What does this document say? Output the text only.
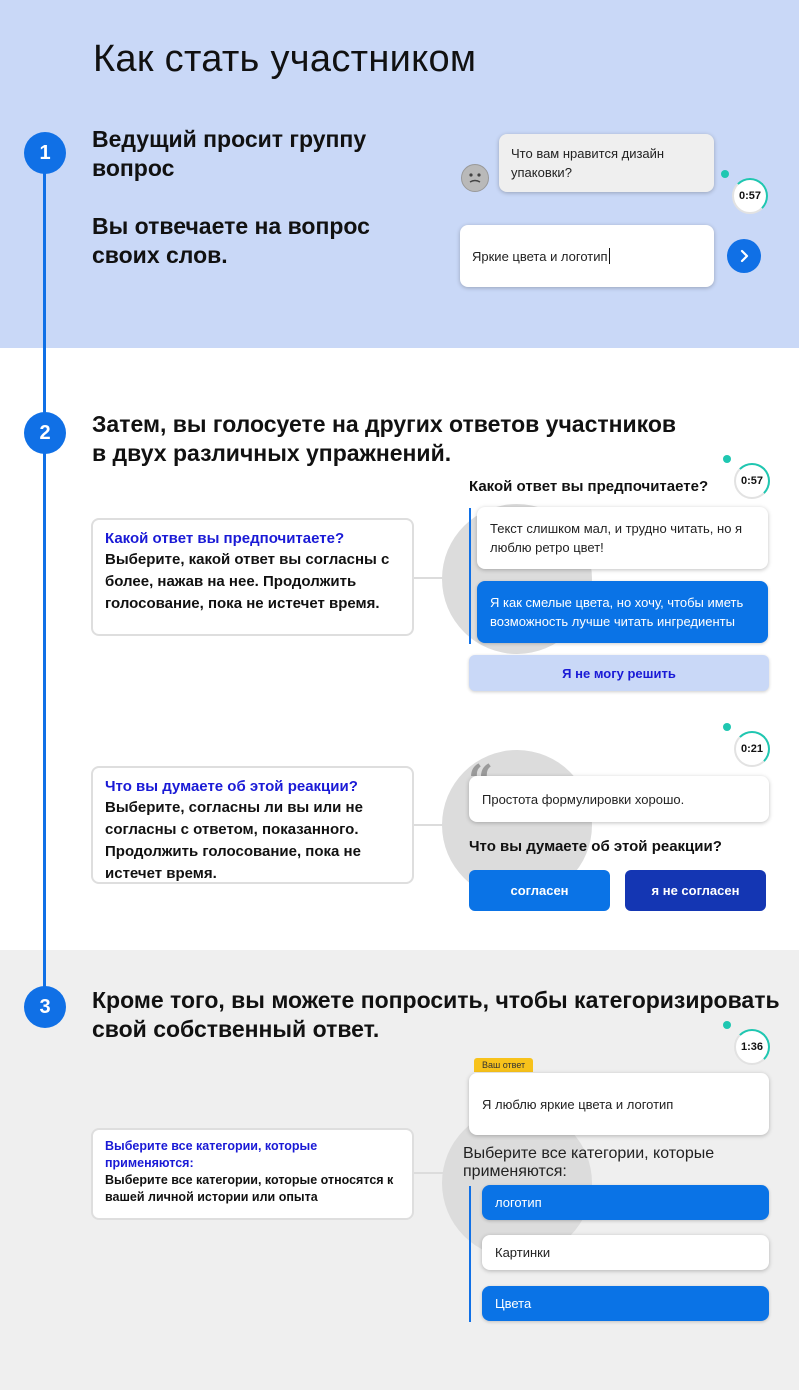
Как стать участником
1
2
3
Ведущий просит группу
вопрос
Вы отвечаете на вопрос
своих слов.
Что вам нравится дизайн упаковки?
0:57
Яркие цвета и логотип
Затем, вы голосуете на других ответов участников
в двух различных упражнений.
Какой ответ вы предпочитаете?
Выберите, какой ответ вы согласны с более, нажав на нее. Продолжить голосование, пока не истечет время.
0:57
Какой ответ вы предпочитаете?
Текст слишком мал, и трудно читать, но я люблю ретро цвет!
Я как смелые цвета, но хочу, чтобы иметь возможность лучше читать ингредиенты
Я не могу решить
Что вы думаете об этой реакции?
Выберите, согласны ли вы или не согласны с ответом, показанного. Продолжить голосование, пока не истечет время.
0:21
Простота формулировки хорошо.
Что вы думаете об этой реакции?
согласен	я не согласен
Кроме того, вы можете попросить, чтобы категоризировать
свой собственный ответ.
Выберите все категории, которые применяются:
Выберите все категории, которые относятся к вашей личной истории или опыта
1:36
Ваш ответ
Я люблю яркие цвета и логотип
Выберите все категории, которые применяются:
логотип
Картинки
Цвета
